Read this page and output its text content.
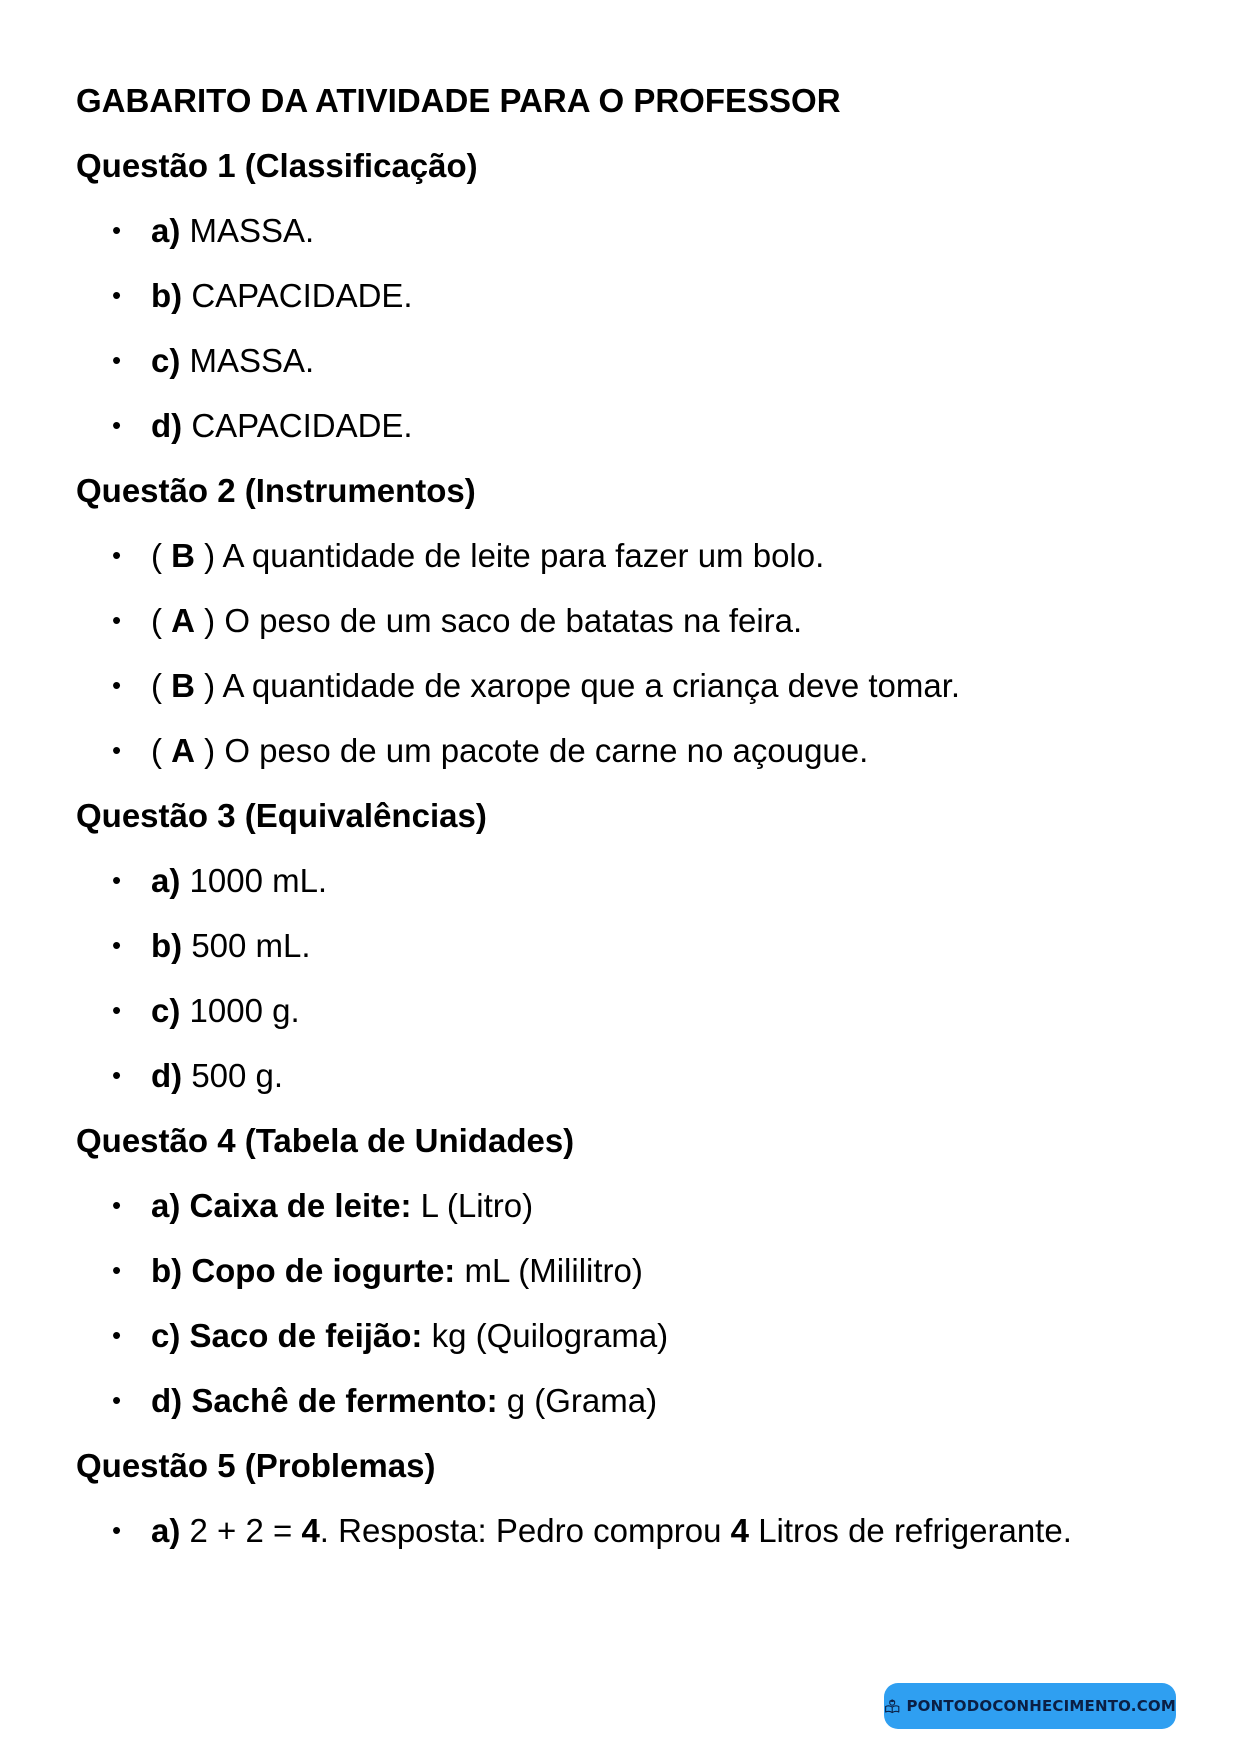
GABARITO DA ATIVIDADE PARA O PROFESSOR
Questão 1 (Classificação)
• a) MASSA.
• b) CAPACIDADE.
• c) MASSA.
• d) CAPACIDADE.
Questão 2 (Instrumentos)
• ( B ) A quantidade de leite para fazer um bolo.
• ( A ) O peso de um saco de batatas na feira.
• ( B ) A quantidade de xarope que a criança deve tomar.
• ( A ) O peso de um pacote de carne no açougue.
Questão 3 (Equivalências)
• a) 1000 mL.
• b) 500 mL.
• c) 1000 g.
• d) 500 g.
Questão 4 (Tabela de Unidades)
• a) Caixa de leite: L (Litro)
• b) Copo de iogurte: mL (Mililitro)
• c) Saco de feijão: kg (Quilograma)
• d) Sachê de fermento: g (Grama)
Questão 5 (Problemas)
• a) 2 + 2 = 4. Resposta: Pedro comprou 4 Litros de refrigerante.
PONTODOCONHECIMENTO.COM
